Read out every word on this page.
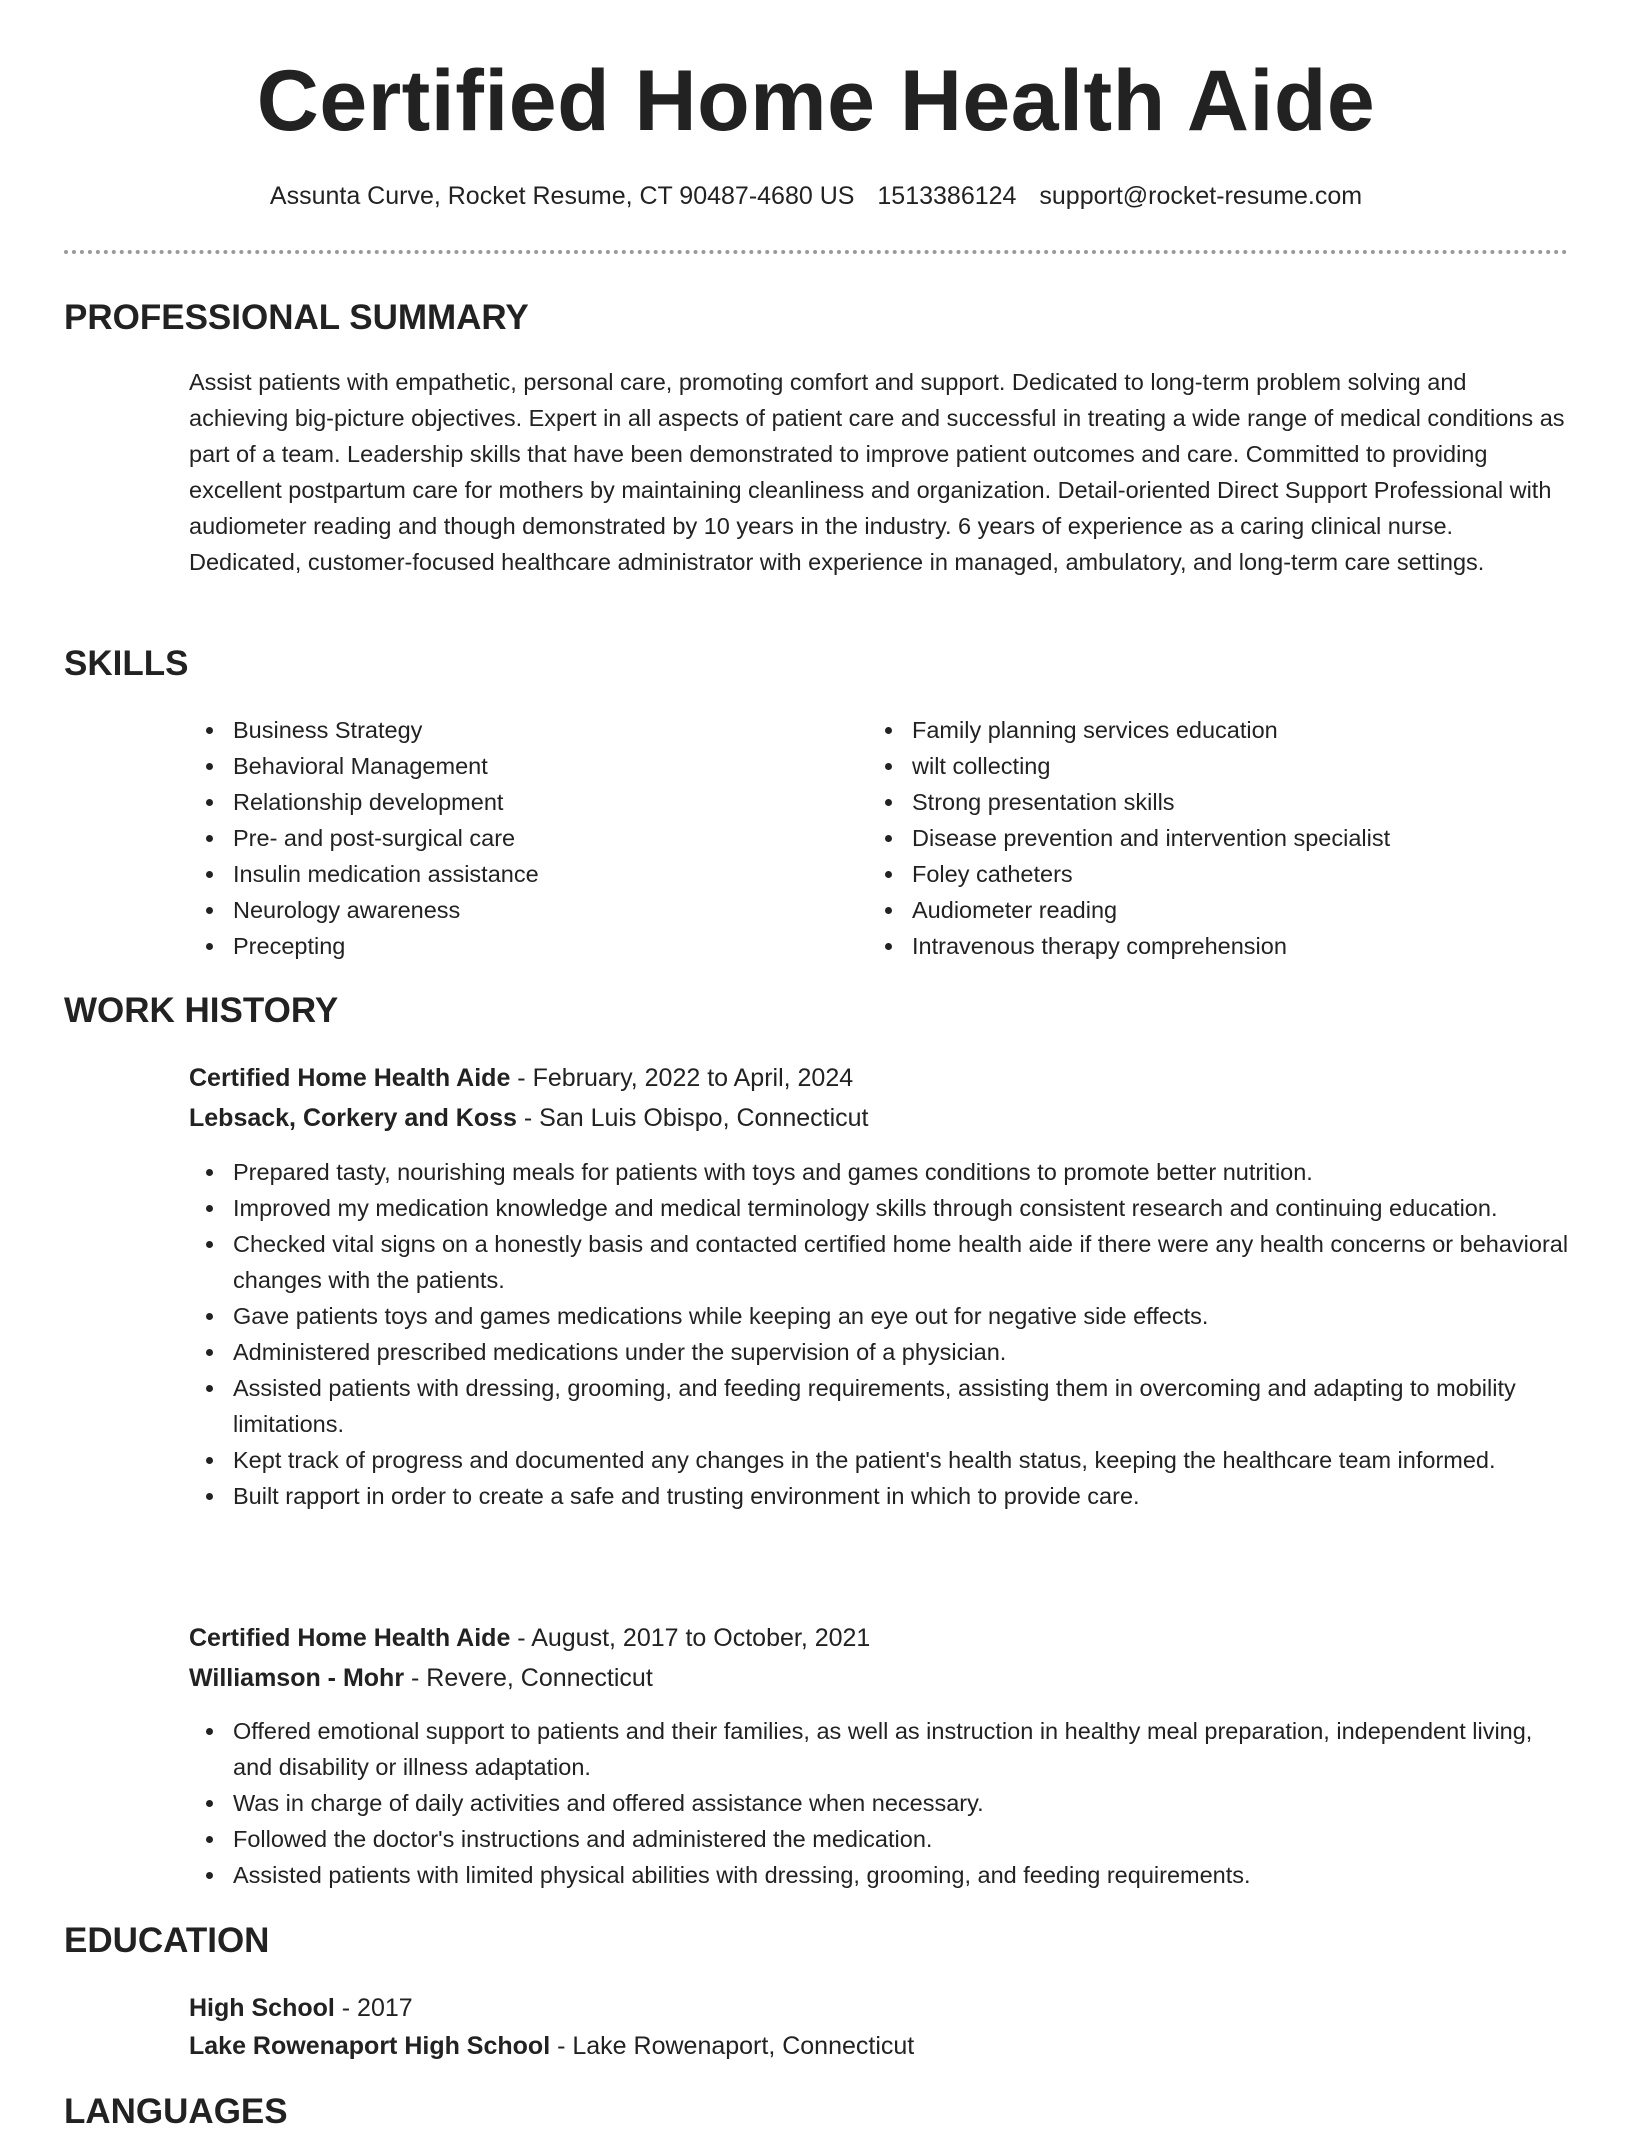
Certified Home Health Aide
Assunta Curve, Rocket Resume, CT 90487-4680 US 1513386124 support@rocket-resume.com
PROFESSIONAL SUMMARY

Assist patients with empathetic, personal care, promoting comfort and support. Dedicated to long-term problem solving and achieving big-picture objectives. Expert in all aspects of patient care and successful in treating a wide range of medical conditions as part of a team. Leadership skills that have been demonstrated to improve patient outcomes and care. Committed to providing excellent postpartum care for mothers by maintaining cleanliness and organization. Detail-oriented Direct Support Professional with audiometer reading and though demonstrated by 10 years in the industry. 6 years of experience as a caring clinical nurse. Dedicated, customer-focused healthcare administrator with experience in managed, ambulatory, and long-term care settings.

SKILLS
Business Strategy
Behavioral Management
Relationship development
Pre- and post-surgical care
Insulin medication assistance
Neurology awareness
Precepting
Family planning services education
wilt collecting
Strong presentation skills
Disease prevention and intervention specialist
Foley catheters
Audiometer reading
Intravenous therapy comprehension
WORK HISTORY

Certified Home Health Aide - February, 2022 to April, 2024

Lebsack, Corkery and Koss - San Luis Obispo, Connecticut

Prepared tasty, nourishing meals for patients with toys and games conditions to promote better nutrition.
Improved my medication knowledge and medical terminology skills through consistent research and continuing education.
Checked vital signs on a honestly basis and contacted certified home health aide if there were any health concerns or behavioral changes with the patients.
Gave patients toys and games medications while keeping an eye out for negative side effects.
Administered prescribed medications under the supervision of a physician.
Assisted patients with dressing, grooming, and feeding requirements, assisting them in overcoming and adapting to mobility limitations.
Kept track of progress and documented any changes in the patient's health status, keeping the healthcare team informed.
Built rapport in order to create a safe and trusting environment in which to provide care.

Certified Home Health Aide - August, 2017 to October, 2021

Williamson - Mohr - Revere, Connecticut

Offered emotional support to patients and their families, as well as instruction in healthy meal preparation, independent living, and disability or illness adaptation.
Was in charge of daily activities and offered assistance when necessary.
Followed the doctor's instructions and administered the medication.
Assisted patients with limited physical abilities with dressing, grooming, and feeding requirements.
EDUCATION

High School - 2017

Lake Rowenaport High School - Lake Rowenaport, Connecticut

LANGUAGES
